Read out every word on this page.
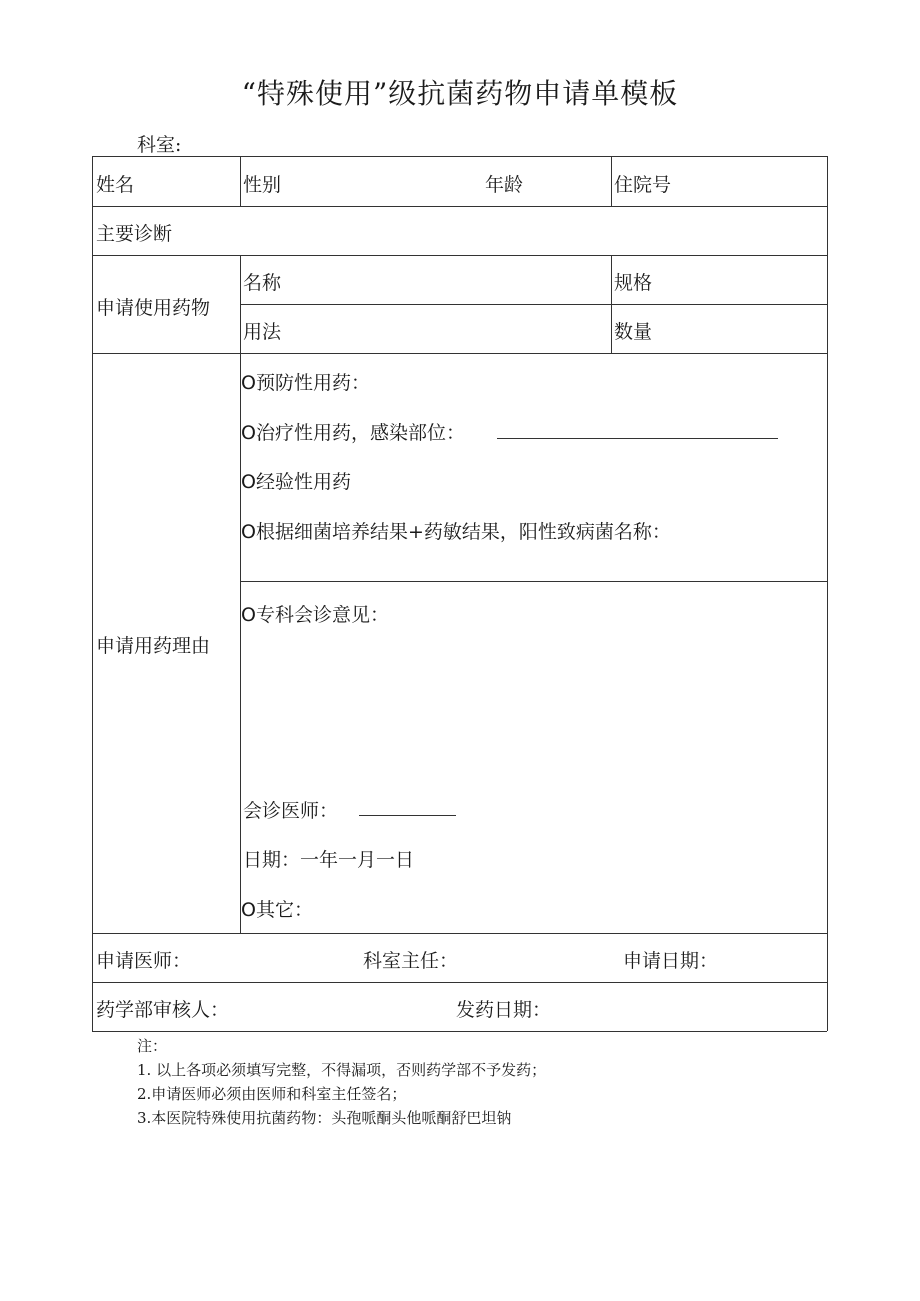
“特殊使用”级抗菌药物申请单模板
科室:
姓名	性别	年龄	住院号
主要诊断
申请使用药物
名称	规格
用法	数量
申请用药理由
O预防性用药：
O治疗性用药，感染部位：
O经验性用药
O根据细菌培养结果+药敏结果，阳性致病菌名称：
O专科会诊意见：
会诊医师：
日期：一年一月一日
O其它：
申请医师：	科室主任：	申请日期：
药学部审核人：	发药日期：
注：
1. 以上各项必须填写完整，不得漏项，否则药学部不予发药；
2.申请医师必须由医师和科室主任签名；
3.本医院特殊使用抗菌药物：头孢哌酮头他哌酮舒巴坦钠
